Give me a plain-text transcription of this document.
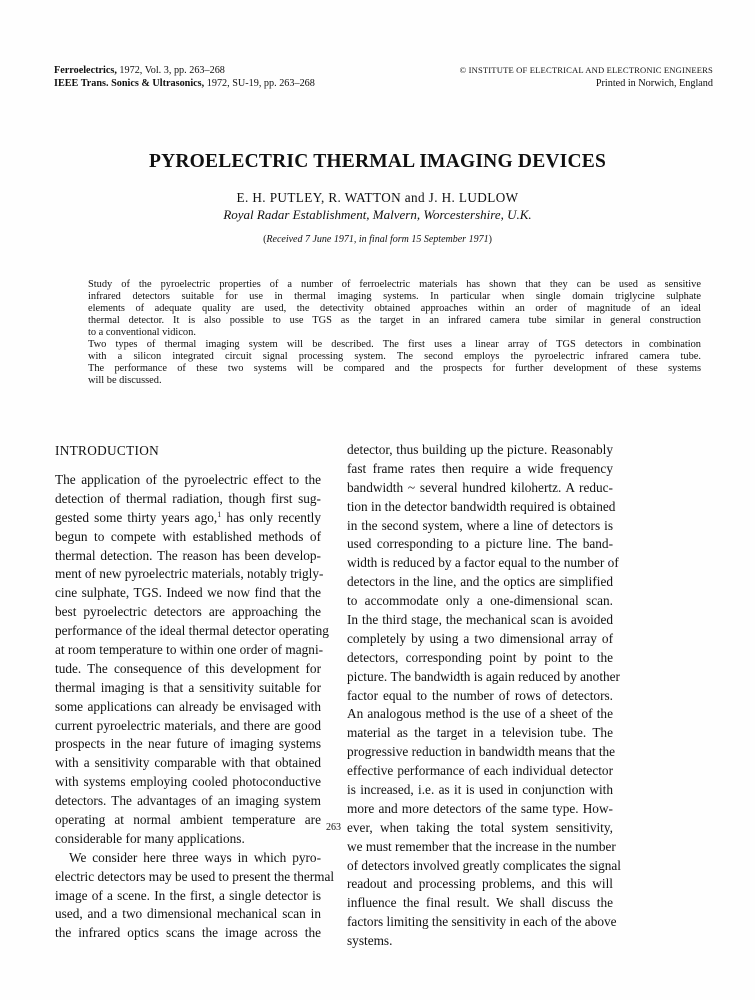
Ferroelectrics, 1972, Vol. 3, pp. 263–268
IEEE Trans. Sonics & Ultrasonics, 1972, SU-19, pp. 263–268
© INSTITUTE OF ELECTRICAL AND ELECTRONIC ENGINEERS
Printed in Norwich, England
PYROELECTRIC THERMAL IMAGING DEVICES
E. H. PUTLEY, R. WATTON and J. H. LUDLOW
Royal Radar Establishment, Malvern, Worcestershire, U.K.
(Received 7 June 1971, in final form 15 September 1971)
Study of the pyroelectric properties of a number of ferroelectric materials has shown that they can be used as sensitive
infrared detectors suitable for use in thermal imaging systems. In particular when single domain triglycine sulphate
elements of adequate quality are used, the detectivity obtained approaches within an order of magnitude of an ideal
thermal detector. It is also possible to use TGS as the target in an infrared camera tube similar in general construction
to a conventional vidicon.
Two types of thermal imaging system will be described. The first uses a linear array of TGS detectors in combination
with a silicon integrated circuit signal processing system. The second employs the pyroelectric infrared camera tube.
The performance of these two systems will be compared and the prospects for further development of these systems
will be discussed.
INTRODUCTION
The application of the pyroelectric effect to the
detection of thermal radiation, though first sug-
gested some thirty years ago,$^1$ has only recently
begun to compete with established methods of
thermal detection. The reason has been develop-
ment of new pyroelectric materials, notably trigly-
cine sulphate, TGS. Indeed we now find that the
best pyroelectric detectors are approaching the
performance of the ideal thermal detector operating
at room temperature to within one order of magni-
tude. The consequence of this development for
thermal imaging is that a sensitivity suitable for
some applications can already be envisaged with
current pyroelectric materials, and there are good
prospects in the near future of imaging systems
with a sensitivity comparable with that obtained
with systems employing cooled photoconductive
detectors. The advantages of an imaging system
operating at normal ambient temperature are
considerable for many applications.
We consider here three ways in which pyro-
electric detectors may be used to present the thermal
image of a scene. In the first, a single detector is
used, and a two dimensional mechanical scan in
the infrared optics scans the image across the
detector, thus building up the picture. Reasonably
fast frame rates then require a wide frequency
bandwidth ~ several hundred kilohertz. A reduc-
tion in the detector bandwidth required is obtained
in the second system, where a line of detectors is
used corresponding to a picture line. The band-
width is reduced by a factor equal to the number of
detectors in the line, and the optics are simplified
to accommodate only a one-dimensional scan.
In the third stage, the mechanical scan is avoided
completely by using a two dimensional array of
detectors, corresponding point by point to the
picture. The bandwidth is again reduced by another
factor equal to the number of rows of detectors.
An analogous method is the use of a sheet of the
material as the target in a television tube. The
progressive reduction in bandwidth means that the
effective performance of each individual detector
is increased, i.e. as it is used in conjunction with
more and more detectors of the same type. How-
ever, when taking the total system sensitivity,
we must remember that the increase in the number
of detectors involved greatly complicates the signal
readout and processing problems, and this will
influence the final result. We shall discuss the
factors limiting the sensitivity in each of the above
systems.
263
